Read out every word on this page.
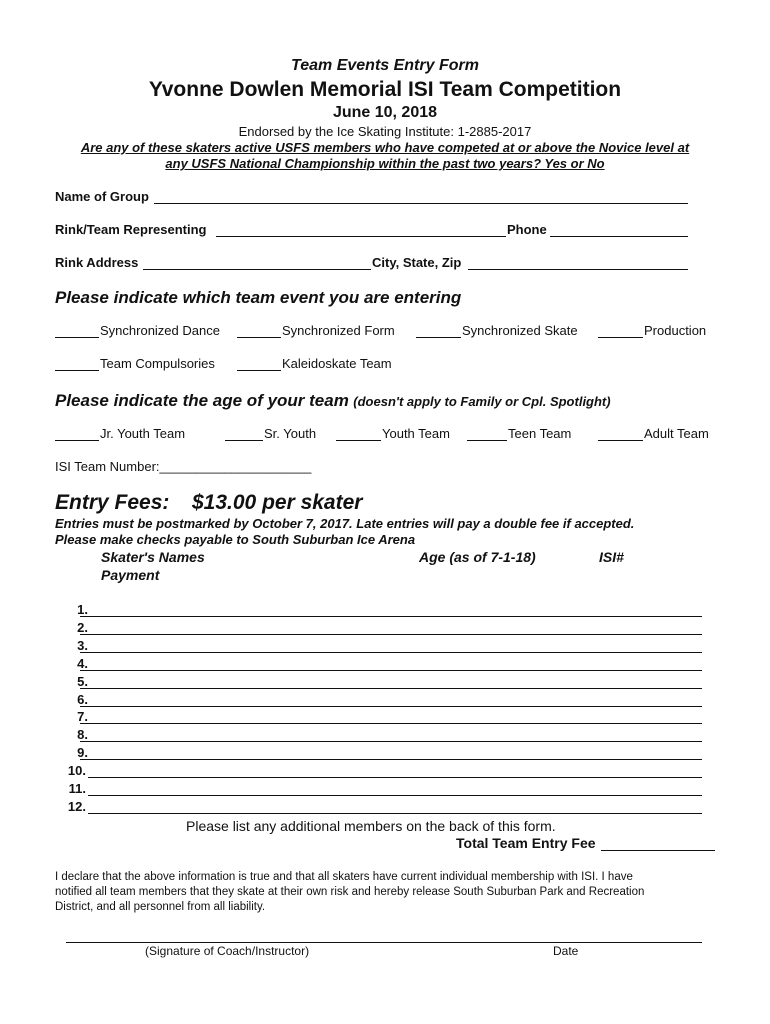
Team Events Entry Form
Yvonne Dowlen Memorial ISI Team Competition
June 10, 2018
Endorsed by the Ice Skating Institute: 1-2885-2017
Are any of these skaters active USFS members who have competed at or above the Novice level at
any USFS National Championship within the past two years? Yes or No
Name of Group
Rink/Team Representing	Phone
Rink Address	City, State, Zip
Please indicate which team event you are entering
Synchronized Dance	Synchronized Form	Synchronized Skate	Production
Team Compulsories	Kaleidoskate Team
Please indicate the age of your team (doesn't apply to Family or Cpl. Spotlight)
Jr. Youth Team	Sr. Youth	Youth Team	Teen Team	Adult Team
ISI Team Number:_____________________
Entry Fees: $13.00 per skater
Entries must be postmarked by October 7, 2017. Late entries will pay a double fee if accepted.
Please make checks payable to South Suburban Ice Arena
Skater's Names	Age (as of 7-1-18)	ISI#
Payment
1.
2.
3.
4.
5.
6.
7.
8.
9.
10.
11.
12.
Please list any additional members on the back of this form.
Total Team Entry Fee
I declare that the above information is true and that all skaters have current individual membership with ISI. I have
notified all team members that they skate at their own risk and hereby release South Suburban Park and Recreation
District, and all personnel from all liability.
(Signature of Coach/Instructor)	Date
